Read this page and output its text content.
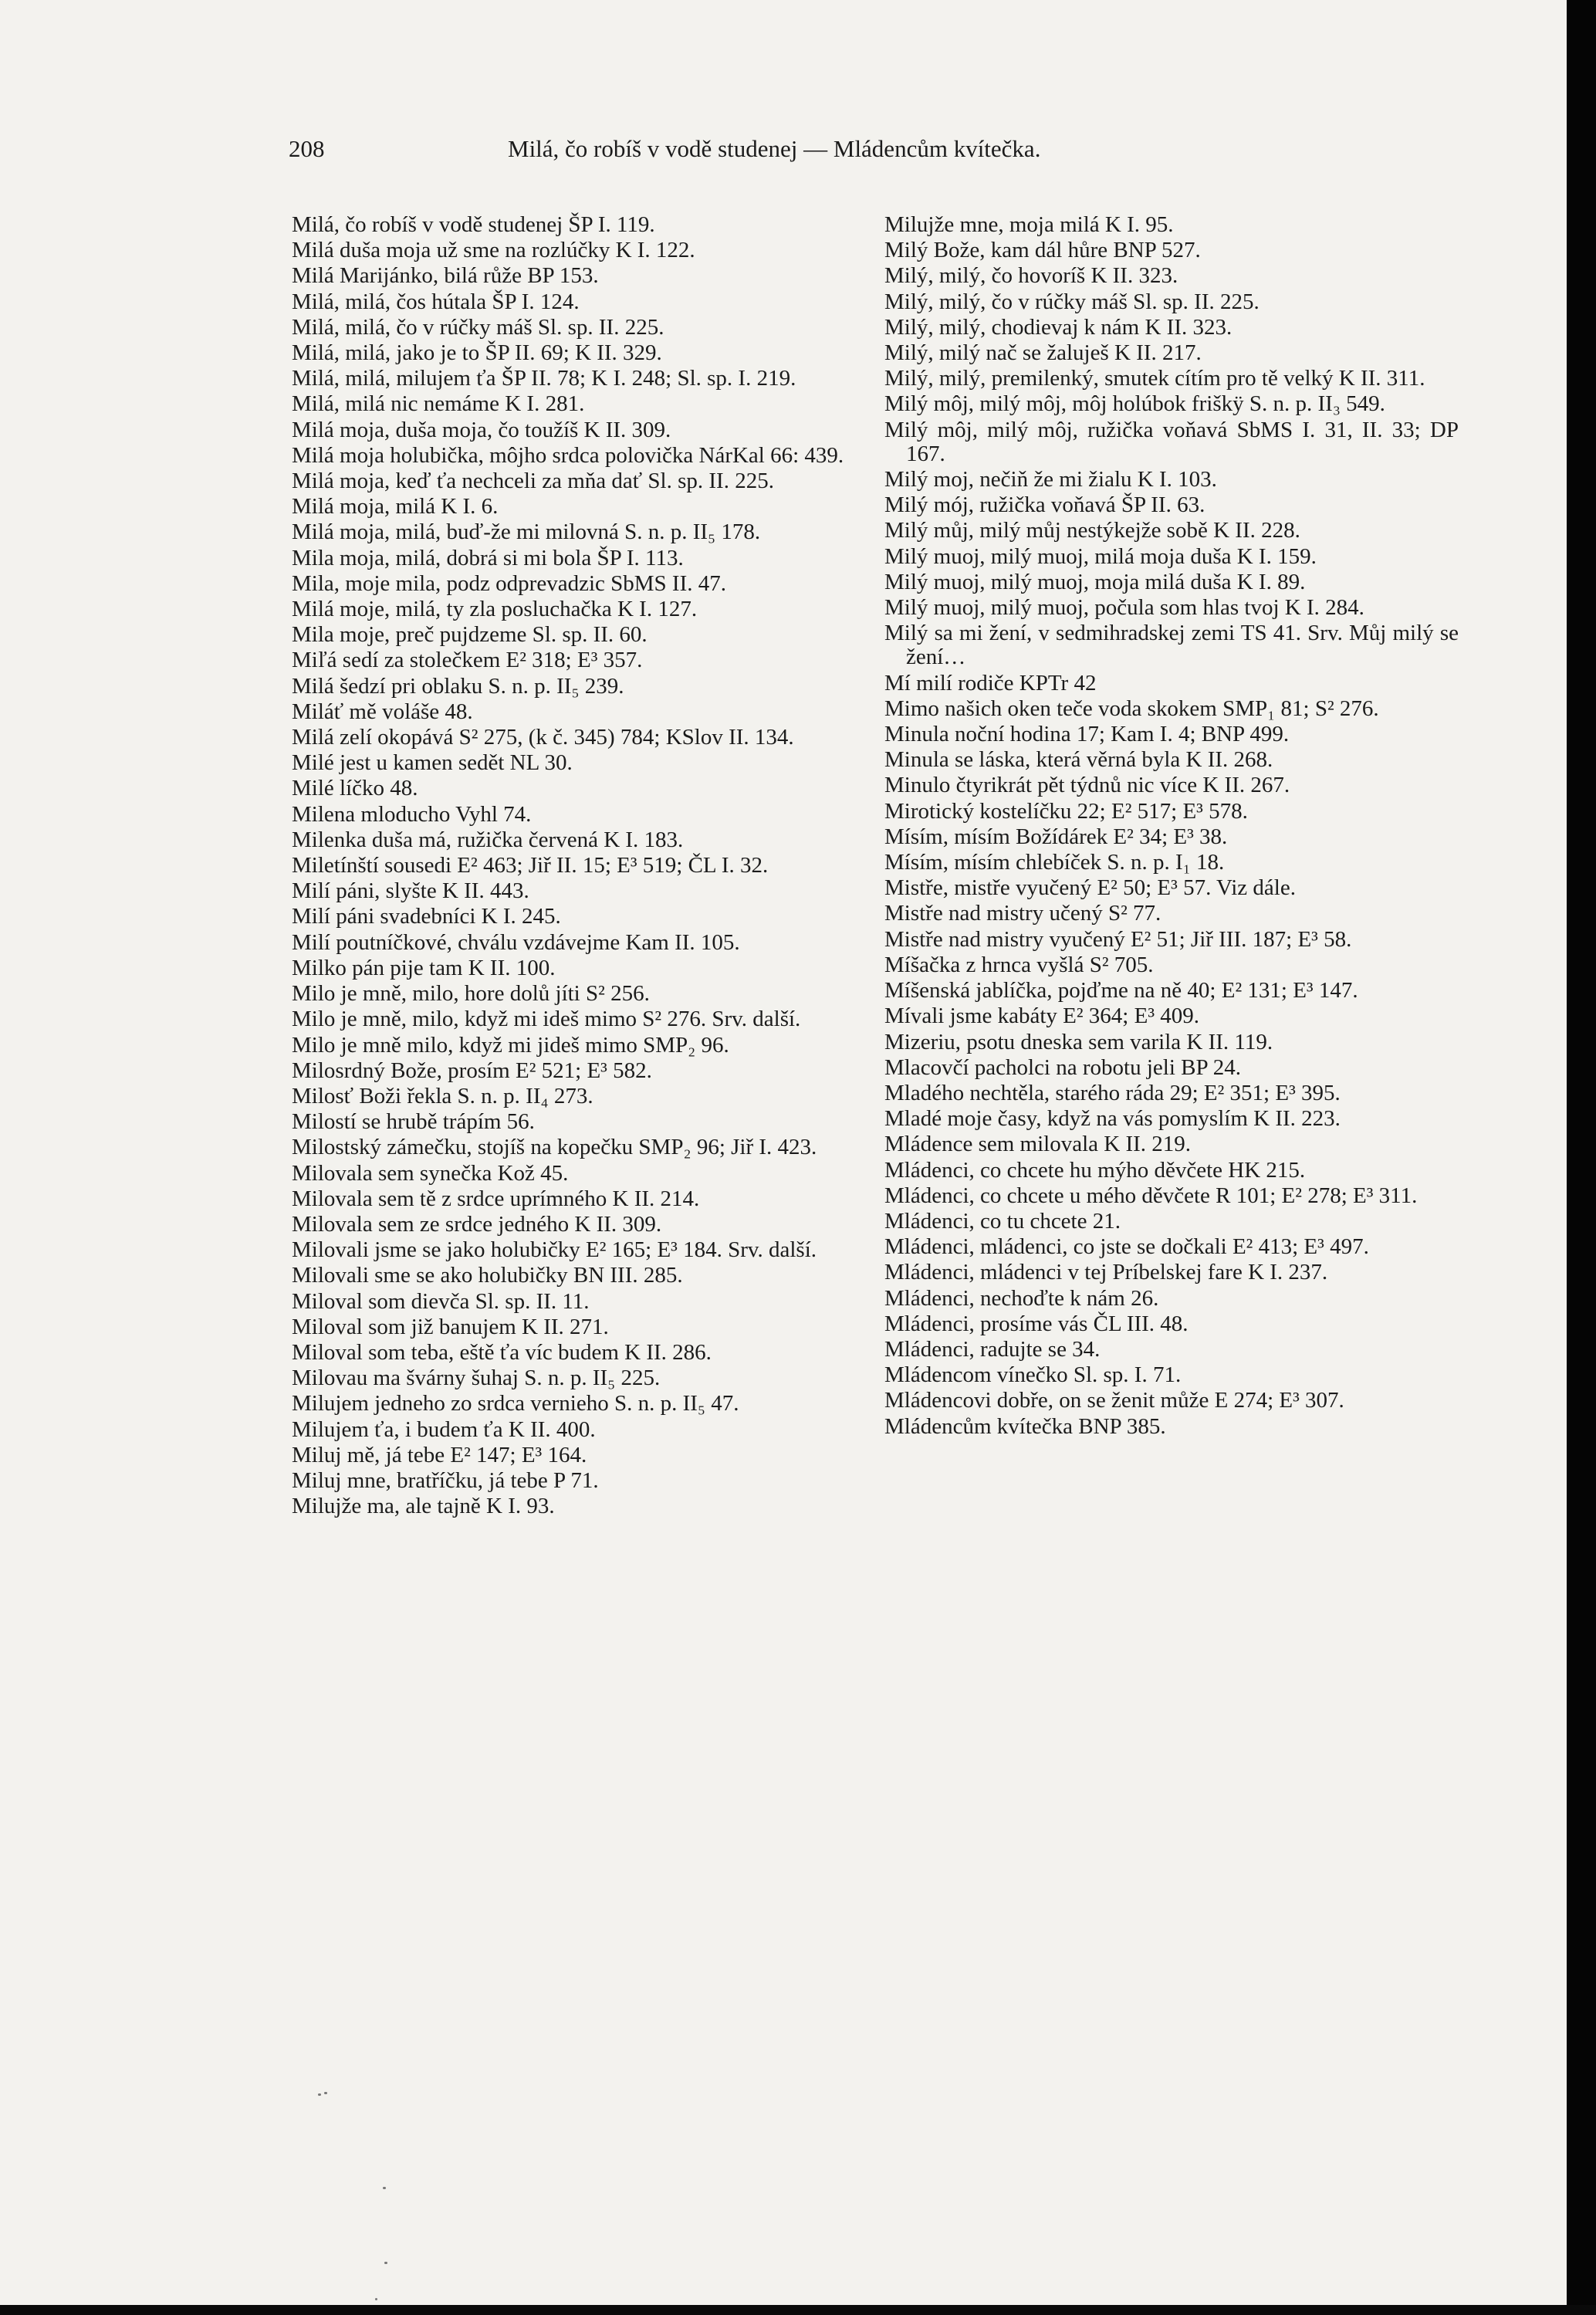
208	Milá, čo robíš v vodě studenej — Mládencům kvítečka.

Milá, čo robíš v vodě studenej ŠP I. 119.

Milá duša moja už sme na rozlúčky K I. 122.

Milá Marijánko, bilá růže BP 153.

Milá, milá, čos hútala ŠP I. 124.

Milá, milá, čo v rúčky máš Sl. sp. II. 225.

Milá, milá, jako je to ŠP II. 69; K II. 329.

Milá, milá, milujem ťa ŠP II. 78; K I. 248; Sl. sp. I. 219.

Milá, milá nic nemáme K I. 281.

Milá moja, duša moja, čo toužíš K II. 309.

Milá moja holubička, môjho srdca polovička NárKal 66: 439.

Milá moja, keď ťa nechceli za mňa dať Sl. sp. II. 225.

Milá moja, milá K I. 6.

Milá moja, milá, buď-že mi milovná S. n. p. II₅ 178.

Mila moja, milá, dobrá si mi bola ŠP I. 113.

Mila, moje mila, podz odprevadzic SbMS II. 47.

Milá moje, milá, ty zla posluchačka K I. 127.

Mila moje, preč pujdzeme Sl. sp. II. 60.

Miľá sedí za stolečkem E² 318; E³ 357.

Milá šedzí pri oblaku S. n. p. II₅ 239.

Miláť mě voláše 48.

Milá zelí okopává S² 275, (k č. 345) 784; KSlov II. 134.

Milé jest u kamen sedět NL 30.

Milé líčko 48.

Milena mloducho Vyhl 74.

Milenka duša má, ružička červená K I. 183.

Miletínští sousedi E² 463; Jiř II. 15; E³ 519; ČL I. 32.

Milí páni, slyšte K II. 443.

Milí páni svadebníci K I. 245.

Milí poutníčkové, chválu vzdávejme Kam II. 105.

Milko pán pije tam K II. 100.

Milo je mně, milo, hore dolů jíti S² 256.

Milo je mně, milo, když mi ideš mimo S² 276. Srv. další.

Milo je mně milo, když mi jideš mimo SMP₂ 96.

Milosrdný Bože, prosím E² 521; E³ 582.

Milosť Boži řekla S. n. p. II₄ 273.

Milostí se hrubě trápím 56.

Milostský zámečku, stojíš na kopečku SMP₂ 96; Jiř I. 423.

Milovala sem synečka Kož 45.

Milovala sem tě z srdce uprímného K II. 214.

Milovala sem ze srdce jedného K II. 309.

Milovali jsme se jako holubičky E² 165; E³ 184. Srv. další.

Milovali sme se ako holubičky BN III. 285.

Miloval som dievča Sl. sp. II. 11.

Miloval som již banujem K II. 271.

Miloval som teba, eště ťa víc budem K II. 286.

Milovau ma švárny šuhaj S. n. p. II₅ 225.

Milujem jedneho zo srdca vernieho S. n. p. II₅ 47.

Milujem ťa, i budem ťa K II. 400.

Miluj mě, já tebe E² 147; E³ 164.

Miluj mne, bratříčku, já tebe P 71.

Milujže ma, ale tajně K I. 93.

Milujže mne, moja milá K I. 95.

Milý Bože, kam dál hůre BNP 527.

Milý, milý, čo hovoríš K II. 323.

Milý, milý, čo v rúčky máš Sl. sp. II. 225.

Milý, milý, chodievaj k nám K II. 323.

Milý, milý nač se žaluješ K II. 217.

Milý, milý, premilenký, smutek cítím pro tě velký K II. 311.

Milý môj, milý môj, môj holúbok friškÿ S. n. p. II₃ 549.

Milý môj, milý môj, ružička voňavá SbMS I. 31, II. 33; DP 167.

Milý moj, nečiň že mi žialu K I. 103.

Milý mój, ružička voňavá ŠP II. 63.

Milý můj, milý můj nestýkejže sobě K II. 228.

Milý muoj, milý muoj, milá moja duša K I. 159.

Milý muoj, milý muoj, moja milá duša K I. 89.

Milý muoj, milý muoj, počula som hlas tvoj K I. 284.

Milý sa mi žení, v sedmihradskej zemi TS 41. Srv. Můj milý se žení…

Mí milí rodiče KPTr 42

Mimo našich oken teče voda skokem SMP₁ 81; S² 276.

Minula noční hodina 17; Kam I. 4; BNP 499.

Minula se láska, která věrná byla K II. 268.

Minulo čtyrikrát pět týdnů nic více K II. 267.

Mirotický kostelíčku 22; E² 517; E³ 578.

Mísím, mísím Božídárek E² 34; E³ 38.

Mísím, mísím chlebíček S. n. p. I₁ 18.

Mistře, mistře vyučený E² 50; E³ 57. Viz dále.

Mistře nad mistry učený S² 77.

Mistře nad mistry vyučený E² 51; Jiř III. 187; E³ 58.

Míšačka z hrnca vyšlá S² 705.

Míšenská jablíčka, pojďme na ně 40; E² 131; E³ 147.

Mívali jsme kabáty E² 364; E³ 409.

Mizeriu, psotu dneska sem varila K II. 119.

Mlacovčí pacholci na robotu jeli BP 24.

Mladého nechtěla, starého ráda 29; E² 351; E³ 395.

Mladé moje časy, když na vás pomyslím K II. 223.

Mládence sem milovala K II. 219.

Mládenci, co chcete hu mýho děvčete HK 215.

Mládenci, co chcete u mého děvčete R 101; E² 278; E³ 311.

Mládenci, co tu chcete 21.

Mládenci, mládenci, co jste se dočkali E² 413; E³ 497.

Mládenci, mládenci v tej Príbelskej fare K I. 237.

Mládenci, nechoďte k nám 26.

Mládenci, prosíme vás ČL III. 48.

Mládenci, radujte se 34.

Mládencom vínečko Sl. sp. I. 71.

Mládencovi dobře, on se ženit může E 274; E³ 307.

Mládencům kvítečka BNP 385.
